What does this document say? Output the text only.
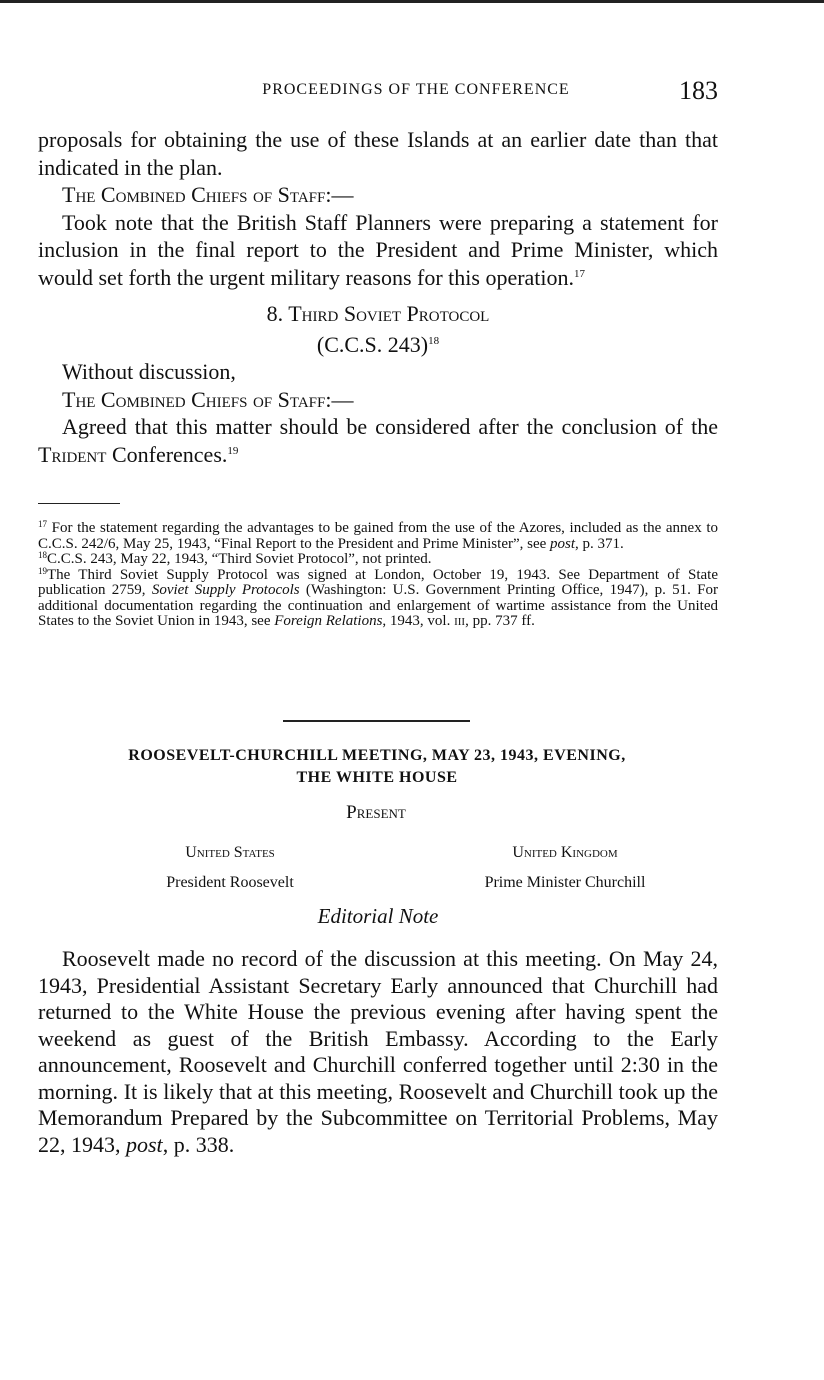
PROCEEDINGS OF THE CONFERENCE	183

proposals for obtaining the use of these Islands at an earlier date than that indicated in the plan.

The Combined Chiefs of Staff:—

Took note that the British Staff Planners were preparing a statement for inclusion in the final report to the President and Prime Minister, which would set forth the urgent military reasons for this operation.$^{17}$

8. Third Soviet Protocol

(C.C.S. 243)$^{18}$

Without discussion,

The Combined Chiefs of Staff:—

Agreed that this matter should be considered after the conclusion of the Trident Conferences.$^{19}$

$^{17}$ For the statement regarding the advantages to be gained from the use of the Azores, included as the annex to C.C.S. 242/6, May 25, 1943, “Final Report to the President and Prime Minister”, see post, p. 371.

$^{18}$C.C.S. 243, May 22, 1943, “Third Soviet Protocol”, not printed.

$^{19}$The Third Soviet Supply Protocol was signed at London, October 19, 1943. See Department of State publication 2759, Soviet Supply Protocols (Washington: U.S. Government Printing Office, 1947), p. 51. For additional documentation regarding the continuation and enlargement of wartime assistance from the United States to the Soviet Union in 1943, see Foreign Relations, 1943, vol. iii, pp. 737 ff.

ROOSEVELT-CHURCHILL MEETING, MAY 23, 1943, EVENING,
THE WHITE HOUSE
Present
United States
President Roosevelt
United Kingdom
Prime Minister Churchill
Editorial Note

Roosevelt made no record of the discussion at this meeting. On May 24, 1943, Presidential Assistant Secretary Early announced that Churchill had returned to the White House the previous evening after having spent the weekend as guest of the British Embassy. According to the Early announcement, Roosevelt and Churchill conferred together until 2:30 in the morning. It is likely that at this meeting, Roosevelt and Churchill took up the Memorandum Prepared by the Subcommittee on Territorial Problems, May 22, 1943, post, p. 338.
